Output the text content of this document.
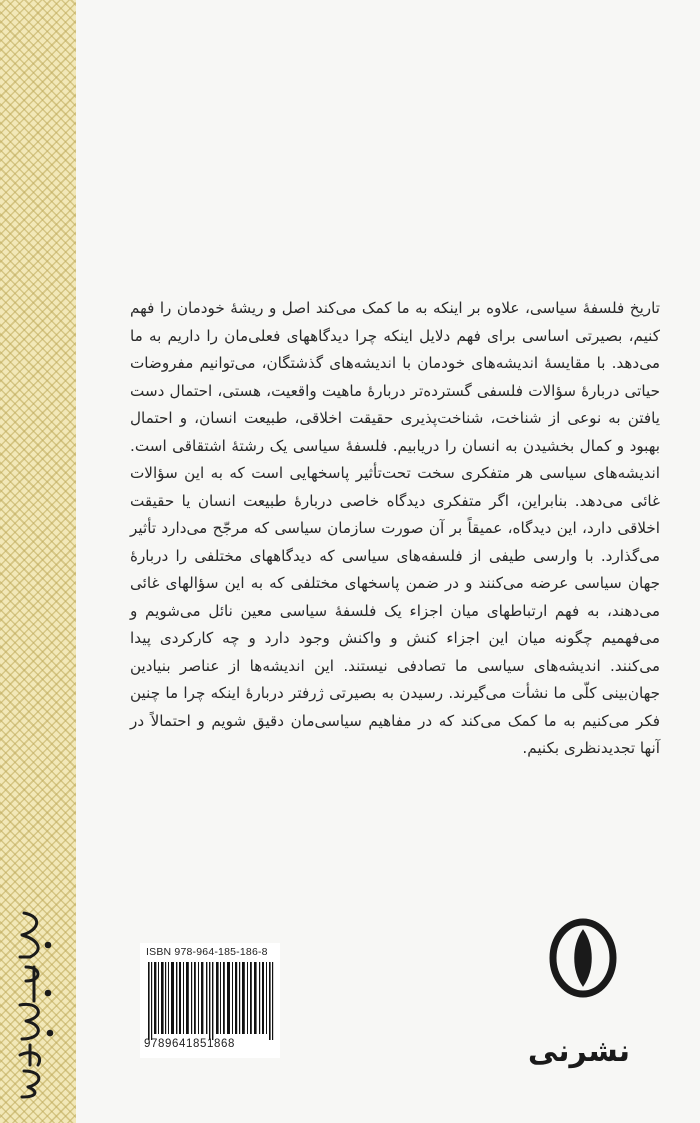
تاریخ فلسفهٔ سیاسی، علاوه بر اینکه به ما کمک می‌کند اصل و ریشهٔ خودمان را فهم کنیم، بصیرتی اساسی برای فهم دلایل اینکه چرا دیدگاههای فعلی‌مان را داریم به ما می‌دهد. با مقایسهٔ اندیشه‌های خودمان با اندیشه‌های گذشتگان، می‌توانیم مفروضات حیاتی دربارهٔ سؤالات فلسفی گسترده‌تر دربارهٔ ماهیت واقعیت، هستی، احتمال دست یافتن به نوعی از شناخت، شناخت‌پذیری حقیقت اخلاقی، طبیعت انسان، و احتمال بهبود و کمال بخشیدن به انسان را دریابیم. فلسفهٔ سیاسی یک رشتهٔ اشتقاقی است. اندیشه‌های سیاسی هر متفکری سخت تحت‌تأثیر پاسخهایی است که به این سؤالات غائی می‌دهد. بنابراین، اگر متفکری دیدگاه خاصی دربارهٔ طبیعت انسان یا حقیقت اخلاقی دارد، این دیدگاه، عمیقاً بر آن صورت سازمان سیاسی که مرجّح می‌دارد تأثیر می‌گذارد. با وارسی طیفی از فلسفه‌های سیاسی که دیدگاههای مختلفی را دربارهٔ جهان سیاسی عرضه می‌کنند و در ضمن پاسخهای مختلفی که به این سؤالهای غائی می‌دهند، به فهم ارتباطهای میان اجزاء یک فلسفهٔ سیاسی معین نائل می‌شویم و می‌فهمیم چگونه میان این اجزاء کنش و واکنش وجود دارد و چه کارکردی پیدا می‌کنند. اندیشه‌های سیاسی ما تصادفی نیستند. این اندیشه‌ها از عناصر بنیادین جهان‌بینی کلّی ما نشأت می‌گیرند. رسیدن به بصیرتی ژرفتر دربارهٔ اینکه چرا ما چنین فکر می‌کنیم به ما کمک می‌کند که در مفاهیم سیاسی‌مان دقیق شویم و احتمالاً در آنها تجدیدنظری بکنیم.

ISBN 978-964-185-186-8
9789641851868	نشرنی
